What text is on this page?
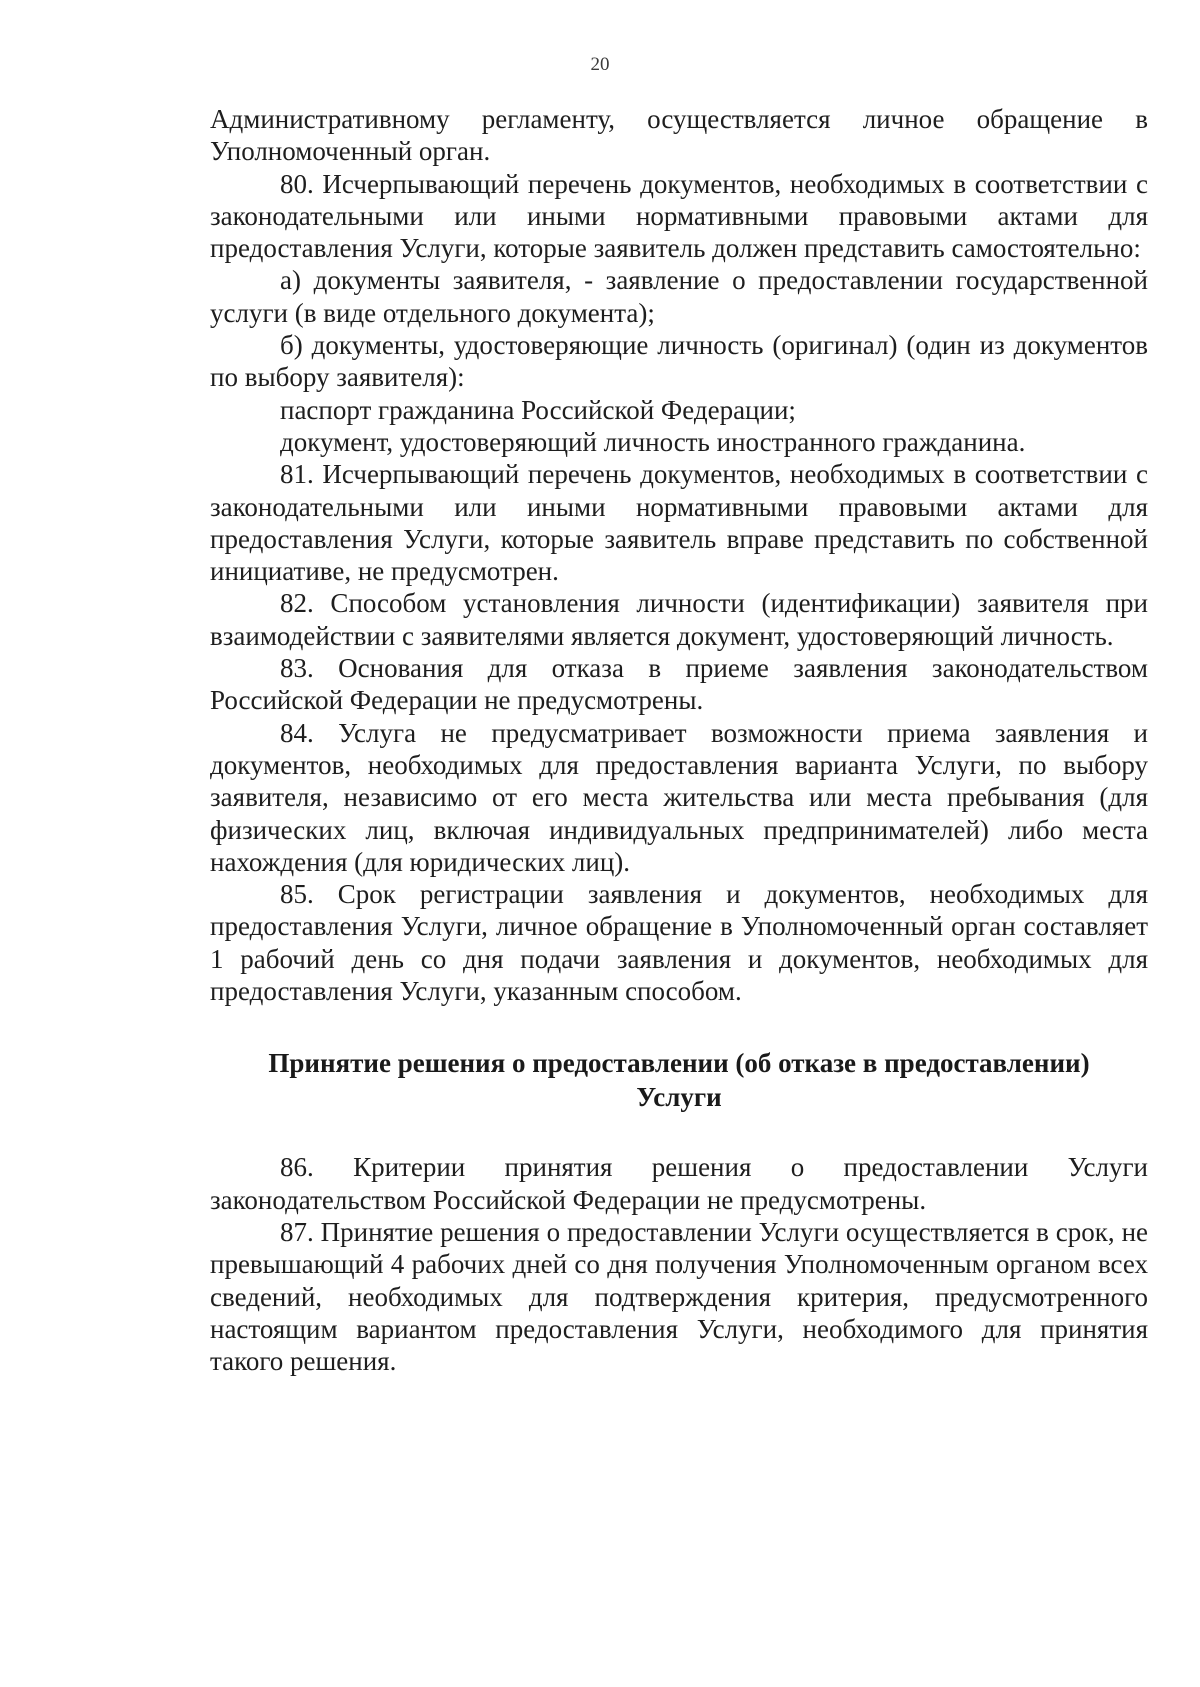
20

Административному регламенту, осуществляется личное обращение в Уполномоченный орган.

80. Исчерпывающий перечень документов, необходимых в соответствии с законодательными или иными нормативными правовыми актами для предоставления Услуги, которые заявитель должен представить самостоятельно:

а) документы заявителя, - заявление о предоставлении государственной услуги (в виде отдельного документа);

б) документы, удостоверяющие личность (оригинал) (один из документов по выбору заявителя):

паспорт гражданина Российской Федерации;

документ, удостоверяющий личность иностранного гражданина.

81. Исчерпывающий перечень документов, необходимых в соответствии с законодательными или иными нормативными правовыми актами для предоставления Услуги, которые заявитель вправе представить по собственной инициативе, не предусмотрен.

82. Способом установления личности (идентификации) заявителя при взаимодействии с заявителями является документ, удостоверяющий личность.

83. Основания для отказа в приеме заявления законодательством Российской Федерации не предусмотрены.

84. Услуга не предусматривает возможности приема заявления и документов, необходимых для предоставления варианта Услуги, по выбору заявителя, независимо от его места жительства или места пребывания (для физических лиц, включая индивидуальных предпринимателей) либо места нахождения (для юридических лиц).

85. Срок регистрации заявления и документов, необходимых для предоставления Услуги, личное обращение в Уполномоченный орган составляет 1 рабочий день со дня подачи заявления и документов, необходимых для предоставления Услуги, указанным способом.

Принятие решения о предоставлении (об отказе в предоставлении)
Услуги

86. Критерии принятия решения о предоставлении Услуги законодательством Российской Федерации не предусмотрены.

87. Принятие решения о предоставлении Услуги осуществляется в срок, не превышающий 4 рабочих дней со дня получения Уполномоченным органом всех сведений, необходимых для подтверждения критерия, предусмотренного настоящим вариантом предоставления Услуги, необходимого для принятия такого решения.
